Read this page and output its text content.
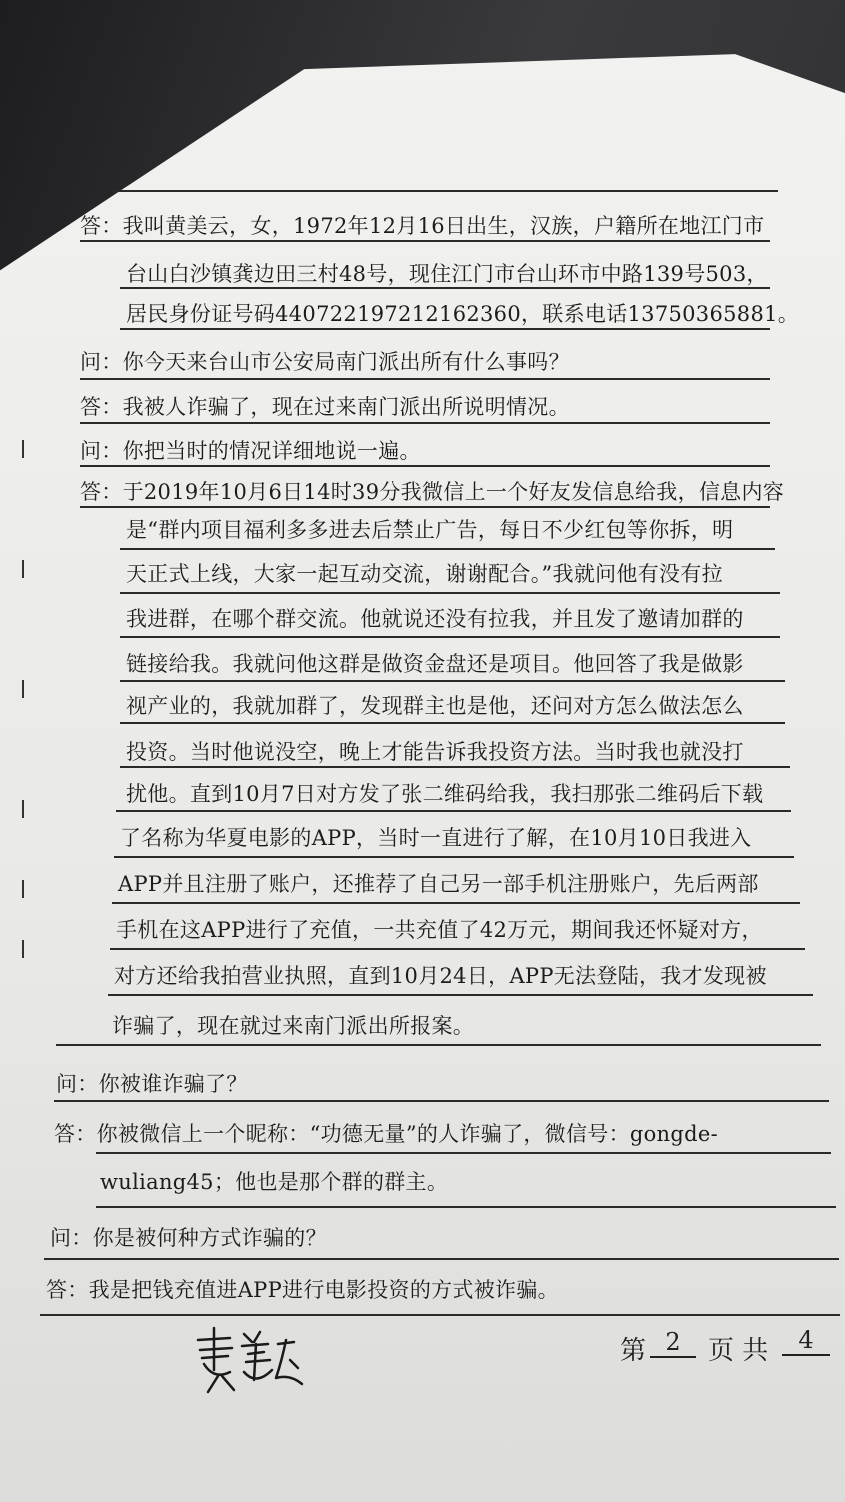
答：我叫黄美云，女，1972年12月16日出生，汉族，户籍所在地江门市
台山白沙镇龚边田三村48号，现住江门市台山环市中路139号503，
居民身份证号码440722197212162360，联系电话13750365881。
问：你今天来台山市公安局南门派出所有什么事吗？
答：我被人诈骗了，现在过来南门派出所说明情况。
问：你把当时的情况详细地说一遍。
答：于2019年10月6日14时39分我微信上一个好友发信息给我，信息内容
是“群内项目福利多多进去后禁止广告，每日不少红包等你拆，明
天正式上线，大家一起互动交流，谢谢配合。”我就问他有没有拉
我进群，在哪个群交流。他就说还没有拉我，并且发了邀请加群的
链接给我。我就问他这群是做资金盘还是项目。他回答了我是做影
视产业的，我就加群了，发现群主也是他，还问对方怎么做法怎么
投资。当时他说没空，晚上才能告诉我投资方法。当时我也就没打
扰他。直到10月7日对方发了张二维码给我，我扫那张二维码后下载
了名称为华夏电影的APP，当时一直进行了解，在10月10日我进入
APP并且注册了账户，还推荐了自己另一部手机注册账户，先后两部
手机在这APP进行了充值，一共充值了42万元，期间我还怀疑对方，
对方还给我拍营业执照，直到10月24日，APP无法登陆，我才发现被
诈骗了，现在就过来南门派出所报案。
问：你被谁诈骗了？
答：你被微信上一个昵称：“功德无量”的人诈骗了，微信号：gongde-
wuliang45；他也是那个群的群主。
问：你是被何种方式诈骗的？
答：我是把钱充值进APP进行电影投资的方式被诈骗。
第 2	页 共	4
